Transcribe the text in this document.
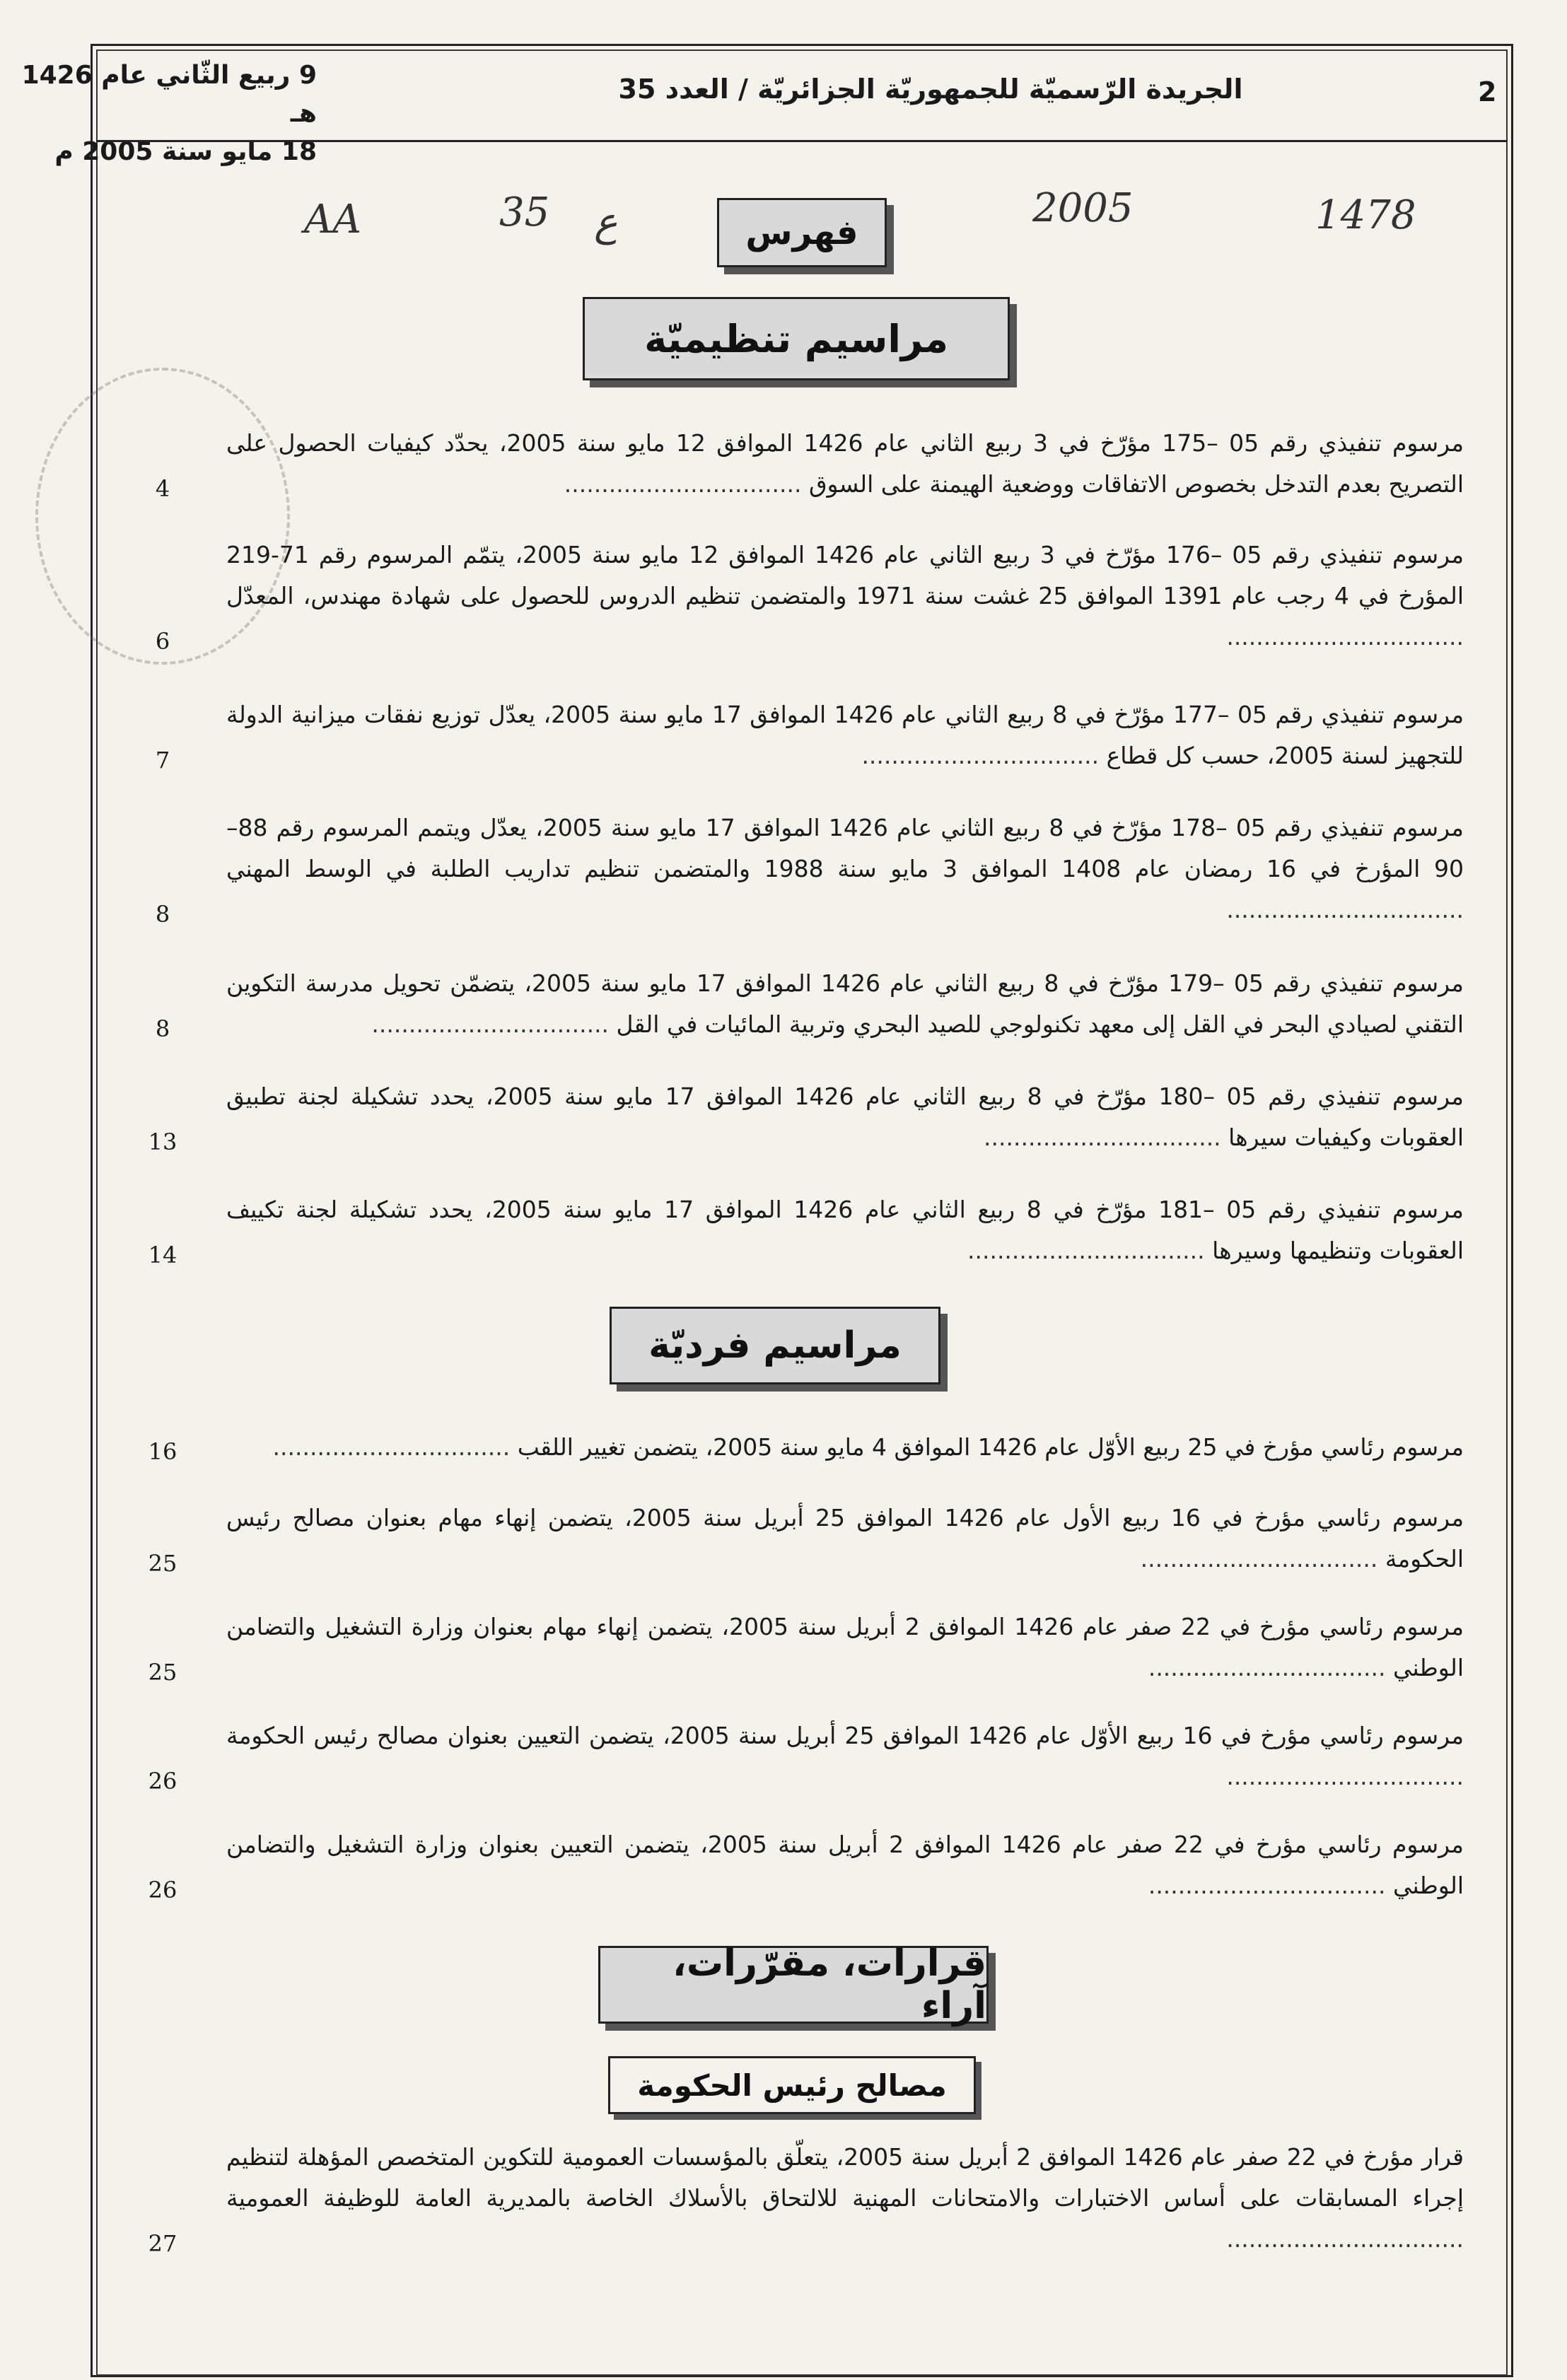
2
الجريدة الرّسميّة للجمهوريّة الجزائريّة / العدد 35
9 ربيع الثّاني عام 1426 هـ
18 مايو سنة 2005 م
AA	35 ع	2005	1478
فهرس
مراسيم تنظيميّة
مرسوم تنفيذي رقم 05 –175 مؤرّخ في 3 ربيع الثاني عام 1426 الموافق 12 مايو سنة 2005، يحدّد كيفيات الحصول على التصريح بعدم التدخل بخصوص الاتفاقات ووضعية الهيمنة على السوق ................................
4
مرسوم تنفيذي رقم 05 –176 مؤرّخ في 3 ربيع الثاني عام 1426 الموافق 12 مايو سنة 2005، يتمّم المرسوم رقم 71-219 المؤرخ في 4 رجب عام 1391 الموافق 25 غشت سنة 1971 والمتضمن تنظيم الدروس للحصول على شهادة مهندس، المعدّل ................................
6
مرسوم تنفيذي رقم 05 –177 مؤرّخ في 8 ربيع الثاني عام 1426 الموافق 17 مايو سنة 2005، يعدّل توزيع نفقات ميزانية الدولة للتجهيز لسنة 2005، حسب كل قطاع ................................
7
مرسوم تنفيذي رقم 05 –178 مؤرّخ في 8 ربيع الثاني عام 1426 الموافق 17 مايو سنة 2005، يعدّل ويتمم المرسوم رقم 88–90 المؤرخ في 16 رمضان عام 1408 الموافق 3 مايو سنة 1988 والمتضمن تنظيم تداريب الطلبة في الوسط المهني ................................
8
مرسوم تنفيذي رقم 05 –179 مؤرّخ في 8 ربيع الثاني عام 1426 الموافق 17 مايو سنة 2005، يتضمّن تحويل مدرسة التكوين التقني لصيادي البحر في القل إلى معهد تكنولوجي للصيد البحري وتربية المائيات في القل ................................
8
مرسوم تنفيذي رقم 05 –180 مؤرّخ في 8 ربيع الثاني عام 1426 الموافق 17 مايو سنة 2005، يحدد تشكيلة لجنة تطبيق العقوبات وكيفيات سيرها ................................
13
مرسوم تنفيذي رقم 05 –181 مؤرّخ في 8 ربيع الثاني عام 1426 الموافق 17 مايو سنة 2005، يحدد تشكيلة لجنة تكييف العقوبات وتنظيمها وسيرها ................................
14
مراسيم فرديّة
مرسوم رئاسي مؤرخ في 25 ربيع الأوّل عام 1426 الموافق 4 مايو سنة 2005، يتضمن تغيير اللقب ................................
16
مرسوم رئاسي مؤرخ في 16 ربيع الأول عام 1426 الموافق 25 أبريل سنة 2005، يتضمن إنهاء مهام بعنوان مصالح رئيس الحكومة ................................
25
مرسوم رئاسي مؤرخ في 22 صفر عام 1426 الموافق 2 أبريل سنة 2005، يتضمن إنهاء مهام بعنوان وزارة التشغيل والتضامن الوطني ................................
25
مرسوم رئاسي مؤرخ في 16 ربيع الأوّل عام 1426 الموافق 25 أبريل سنة 2005، يتضمن التعيين بعنوان مصالح رئيس الحكومة ................................
26
مرسوم رئاسي مؤرخ في 22 صفر عام 1426 الموافق 2 أبريل سنة 2005، يتضمن التعيين بعنوان وزارة التشغيل والتضامن الوطني ................................
26
قرارات، مقرّرات، آراء
مصالح رئيس الحكومة
قرار مؤرخ في 22 صفر عام 1426 الموافق 2 أبريل سنة 2005، يتعلّق بالمؤسسات العمومية للتكوين المتخصص المؤهلة لتنظيم إجراء المسابقات على أساس الاختبارات والامتحانات المهنية للالتحاق بالأسلاك الخاصة بالمديرية العامة للوظيفة العمومية ................................
27
